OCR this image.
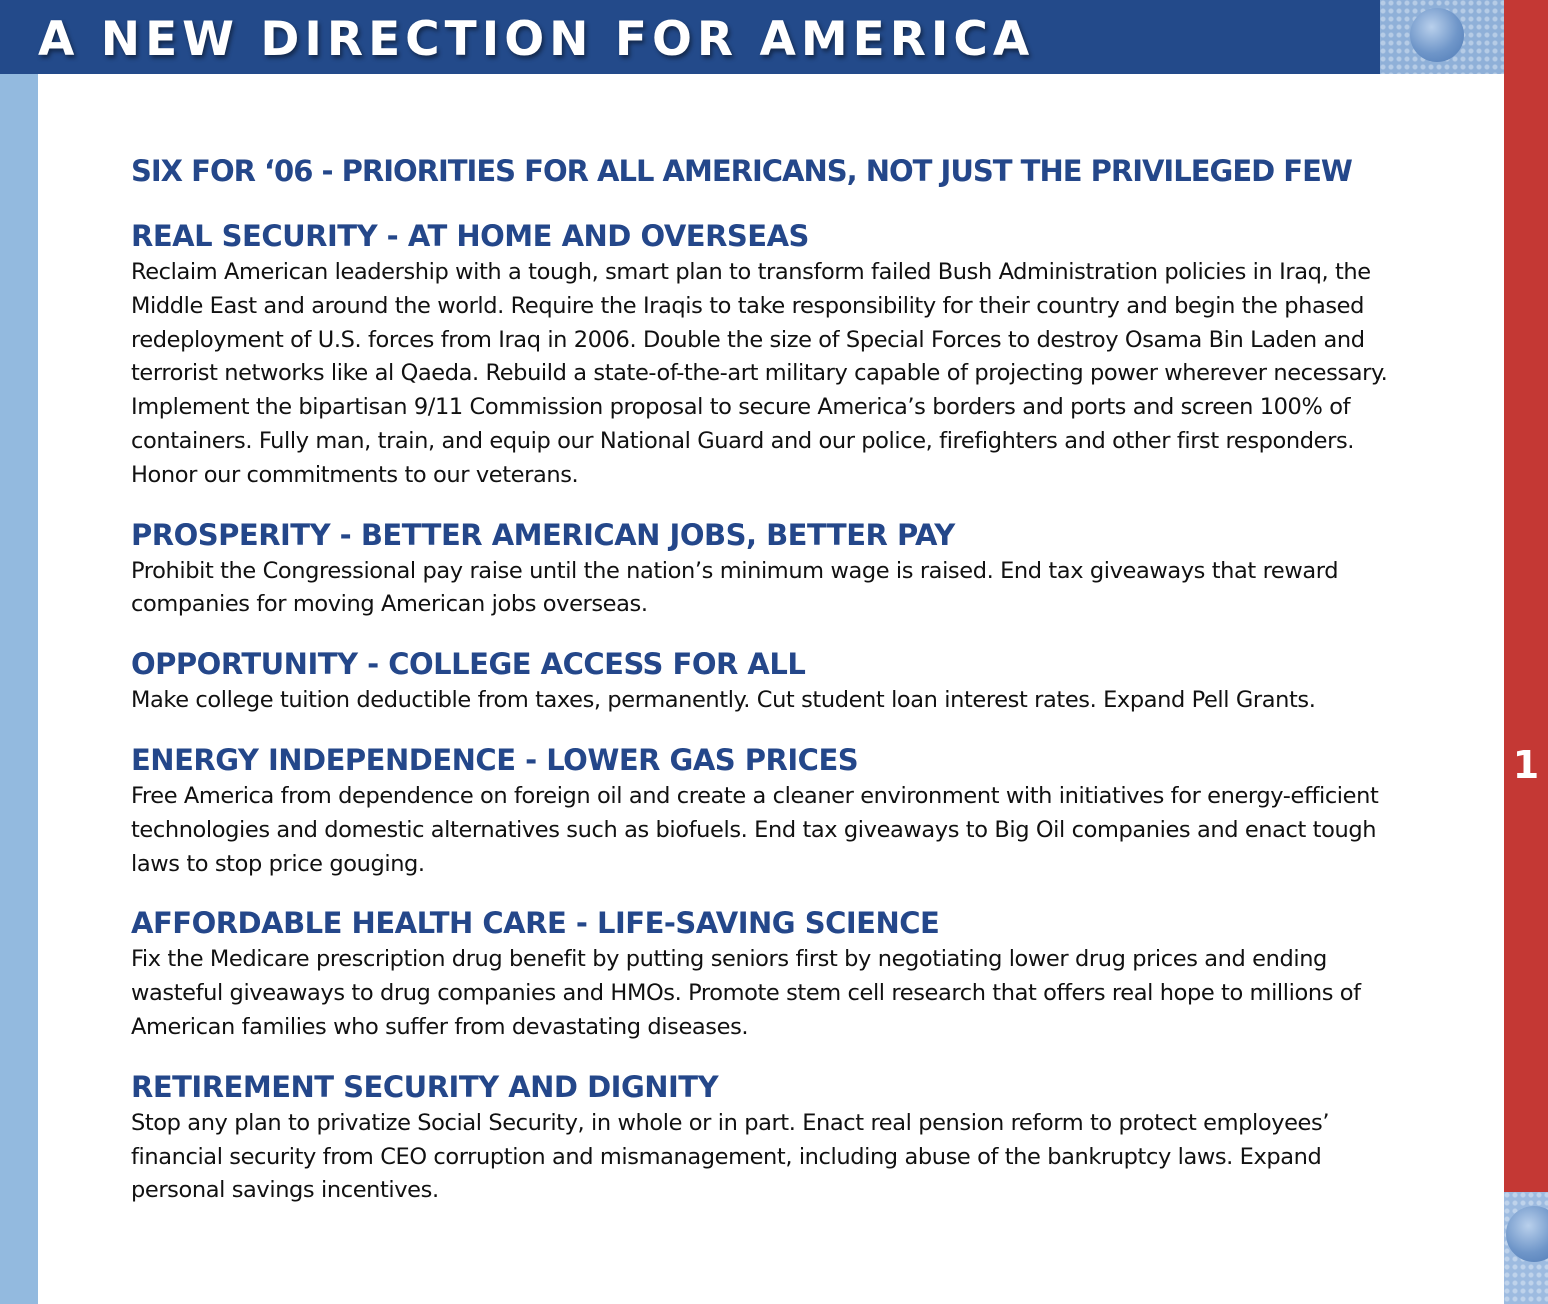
A NEW DIRECTION FOR AMERICA
1
SIX FOR ‘06 - PRIORITIES FOR ALL AMERICANS, NOT JUST THE PRIVILEGED FEW
REAL SECURITY - AT HOME AND OVERSEAS

Reclaim American leadership with a tough, smart plan to transform failed Bush Administration policies in Iraq, the Middle East and around the world. Require the Iraqis to take responsibility for their country and begin the phased redeployment of U.S. forces from Iraq in 2006. Double the size of Special Forces to destroy Osama Bin Laden and terrorist networks like al Qaeda. Rebuild a state-of-the-art military capable of projecting power wherever necessary. Implement the bipartisan 9/11 Commission proposal to secure America’s borders and ports and screen 100% of containers. Fully man, train, and equip our National Guard and our police, firefighters and other first responders. Honor our commitments to our veterans.

PROSPERITY - BETTER AMERICAN JOBS, BETTER PAY

Prohibit the Congressional pay raise until the nation’s minimum wage is raised. End tax giveaways that reward companies for moving American jobs overseas.

OPPORTUNITY - COLLEGE ACCESS FOR ALL

Make college tuition deductible from taxes, permanently. Cut student loan interest rates. Expand Pell Grants.

ENERGY INDEPENDENCE - LOWER GAS PRICES

Free America from dependence on foreign oil and create a cleaner environment with initiatives for energy-efficient technologies and domestic alternatives such as biofuels. End tax giveaways to Big Oil companies and enact tough laws to stop price gouging.

AFFORDABLE HEALTH CARE - LIFE-SAVING SCIENCE

Fix the Medicare prescription drug benefit by putting seniors first by negotiating lower drug prices and ending wasteful giveaways to drug companies and HMOs. Promote stem cell research that offers real hope to millions of American families who suffer from devastating diseases.

RETIREMENT SECURITY AND DIGNITY

Stop any plan to privatize Social Security, in whole or in part. Enact real pension reform to protect employees’ financial security from CEO corruption and mismanagement, including abuse of the bankruptcy laws. Expand personal savings incentives.
